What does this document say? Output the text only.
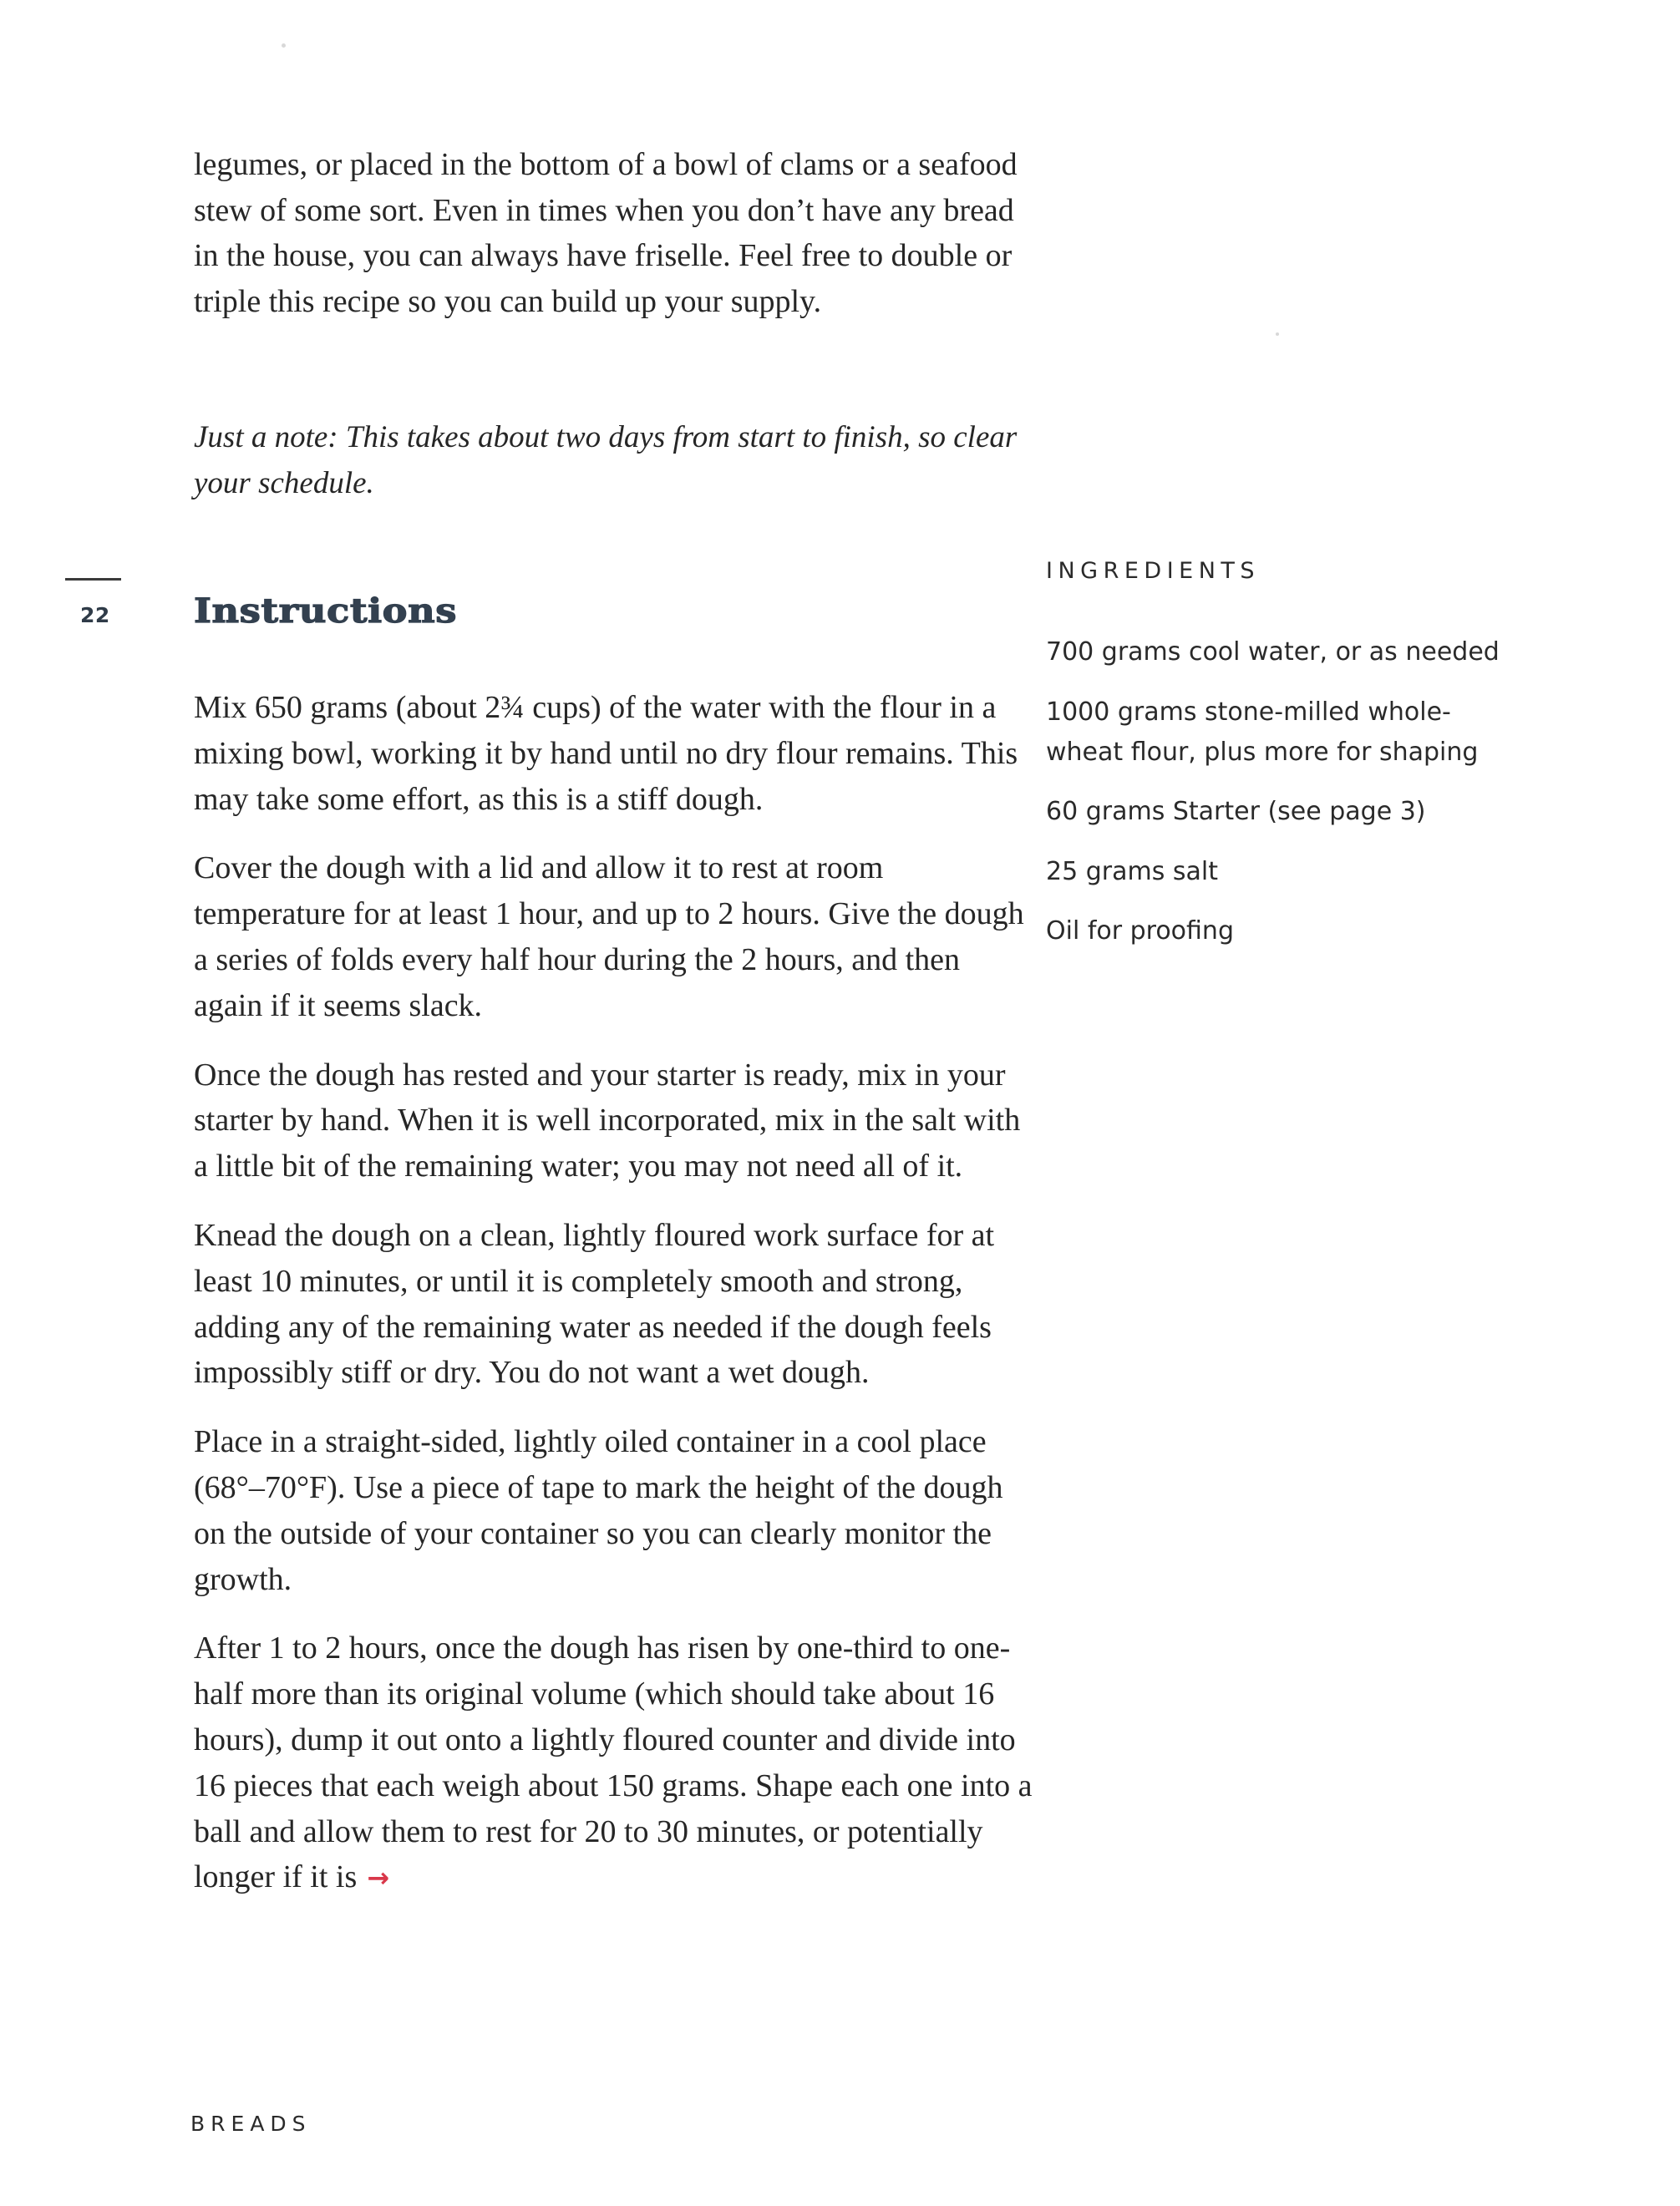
legumes, or placed in the bottom of a bowl of clams or a seafood stew of some sort. Even in times when you don’t have any bread in the house, you can always have friselle. Feel free to double or triple this recipe so you can build up your supply.

Just a note: This takes about two days from start to finish, so clear your schedule.

22	Instructions

Mix 650 grams (about 2¾ cups) of the water with the flour in a mixing bowl, working it by hand until no dry flour remains. This may take some effort, as this is a stiff dough.

Cover the dough with a lid and allow it to rest at room temperature for at least 1 hour, and up to 2 hours. Give the dough a series of folds every half hour during the 2 hours, and then again if it seems slack.

Once the dough has rested and your starter is ready, mix in your starter by hand. When it is well incorporated, mix in the salt with a little bit of the remaining water; you may not need all of it.

Knead the dough on a clean, lightly floured work surface for at least 10 minutes, or until it is completely smooth and strong, adding any of the remaining water as needed if the dough feels impossibly stiff or dry. You do not want a wet dough.

Place in a straight-sided, lightly oiled container in a cool place (68°–70°F). Use a piece of tape to mark the height of the dough on the outside of your container so you can clearly monitor the growth.

After 1 to 2 hours, once the dough has risen by one-third to one-half more than its original volume (which should take about 16 hours), dump it out onto a lightly floured counter and divide into 16 pieces that each weigh about 150 grams. Shape each one into a ball and allow them to rest for 20 to 30 minutes, or potentially longer if it is →

INGREDIENTS
700 grams cool water, or as needed
1000 grams stone-milled whole-wheat flour, plus more for shaping
60 grams Starter (see page 3)
25 grams salt
Oil for proofing
BREADS
